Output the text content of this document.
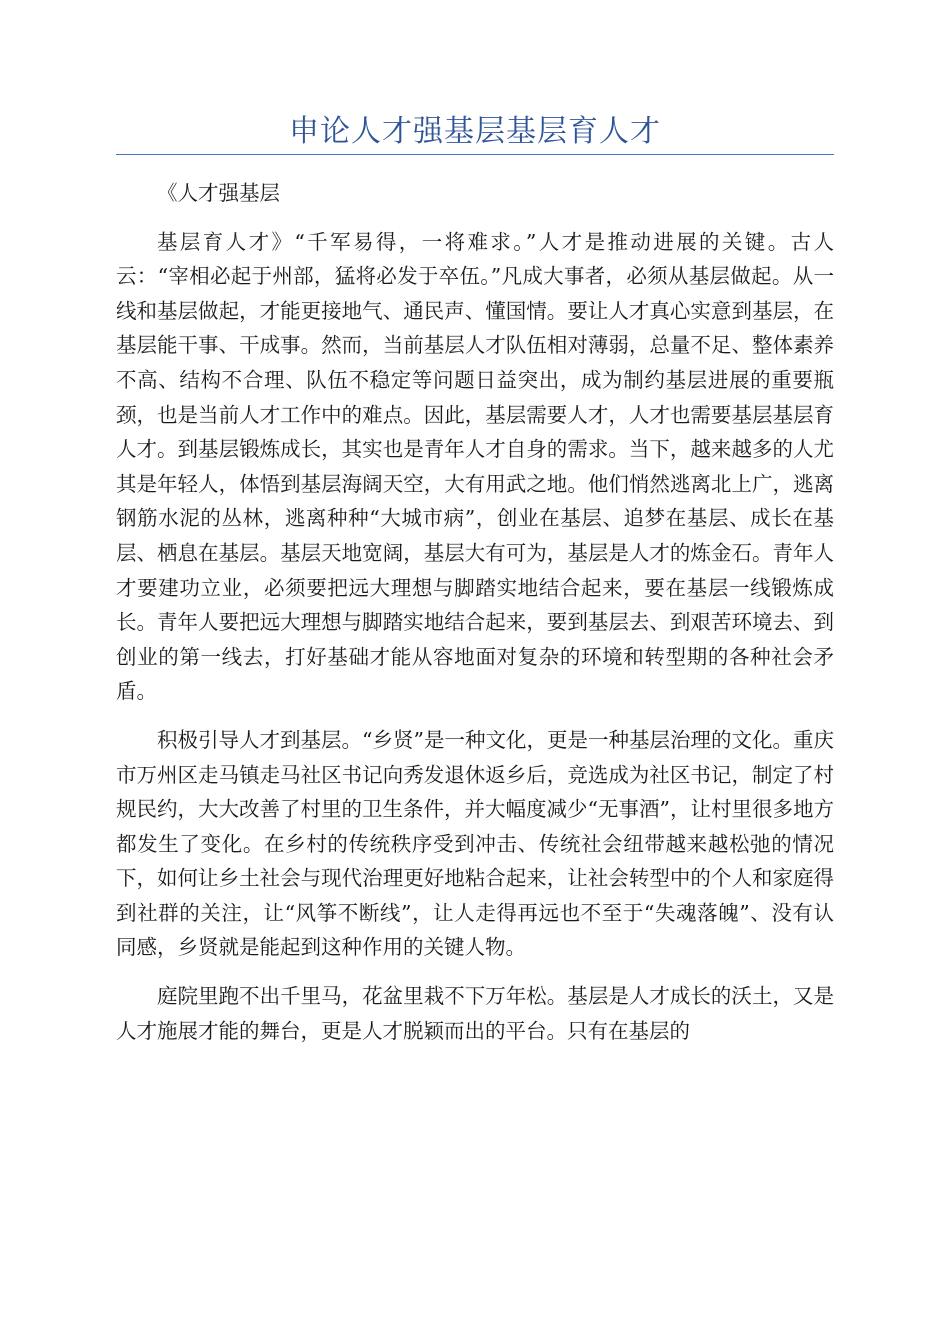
申论人才强基层基层育人才

《人才强基层

基层育人才》“千军易得，一将难求。”人才是推动进展的关键。古人云：“宰相必起于州部，猛将必发于卒伍。”凡成大事者，必须从基层做起。从一线和基层做起，才能更接地气、通民声、懂国情。要让人才真心实意到基层，在基层能干事、干成事。然而，当前基层人才队伍相对薄弱，总量不足、整体素养不高、结构不合理、队伍不稳定等问题日益突出，成为制约基层进展的重要瓶颈，也是当前人才工作中的难点。因此，基层需要人才，人才也需要基层基层育人才。到基层锻炼成长，其实也是青年人才自身的需求。当下，越来越多的人尤其是年轻人，体悟到基层海阔天空，大有用武之地。他们悄然逃离北上广，逃离钢筋水泥的丛林，逃离种种“大城市病”，创业在基层、追梦在基层、成长在基层、栖息在基层。基层天地宽阔，基层大有可为，基层是人才的炼金石。青年人才要建功立业，必须要把远大理想与脚踏实地结合起来，要在基层一线锻炼成长。青年人要把远大理想与脚踏实地结合起来，要到基层去、到艰苦环境去、到创业的第一线去，打好基础才能从容地面对复杂的环境和转型期的各种社会矛盾。

积极引导人才到基层。“乡贤”是一种文化，更是一种基层治理的文化。重庆市万州区走马镇走马社区书记向秀发退休返乡后，竞选成为社区书记，制定了村规民约，大大改善了村里的卫生条件，并大幅度减少“无事酒”，让村里很多地方都发生了变化。在乡村的传统秩序受到冲击、传统社会纽带越来越松弛的情况下，如何让乡土社会与现代治理更好地粘合起来，让社会转型中的个人和家庭得到社群的关注，让“风筝不断线”，让人走得再远也不至于“失魂落魄”、没有认同感，乡贤就是能起到这种作用的关键人物。

庭院里跑不出千里马，花盆里栽不下万年松。基层是人才成长的沃土，又是人才施展才能的舞台，更是人才脱颖而出的平台。只有在基层的
